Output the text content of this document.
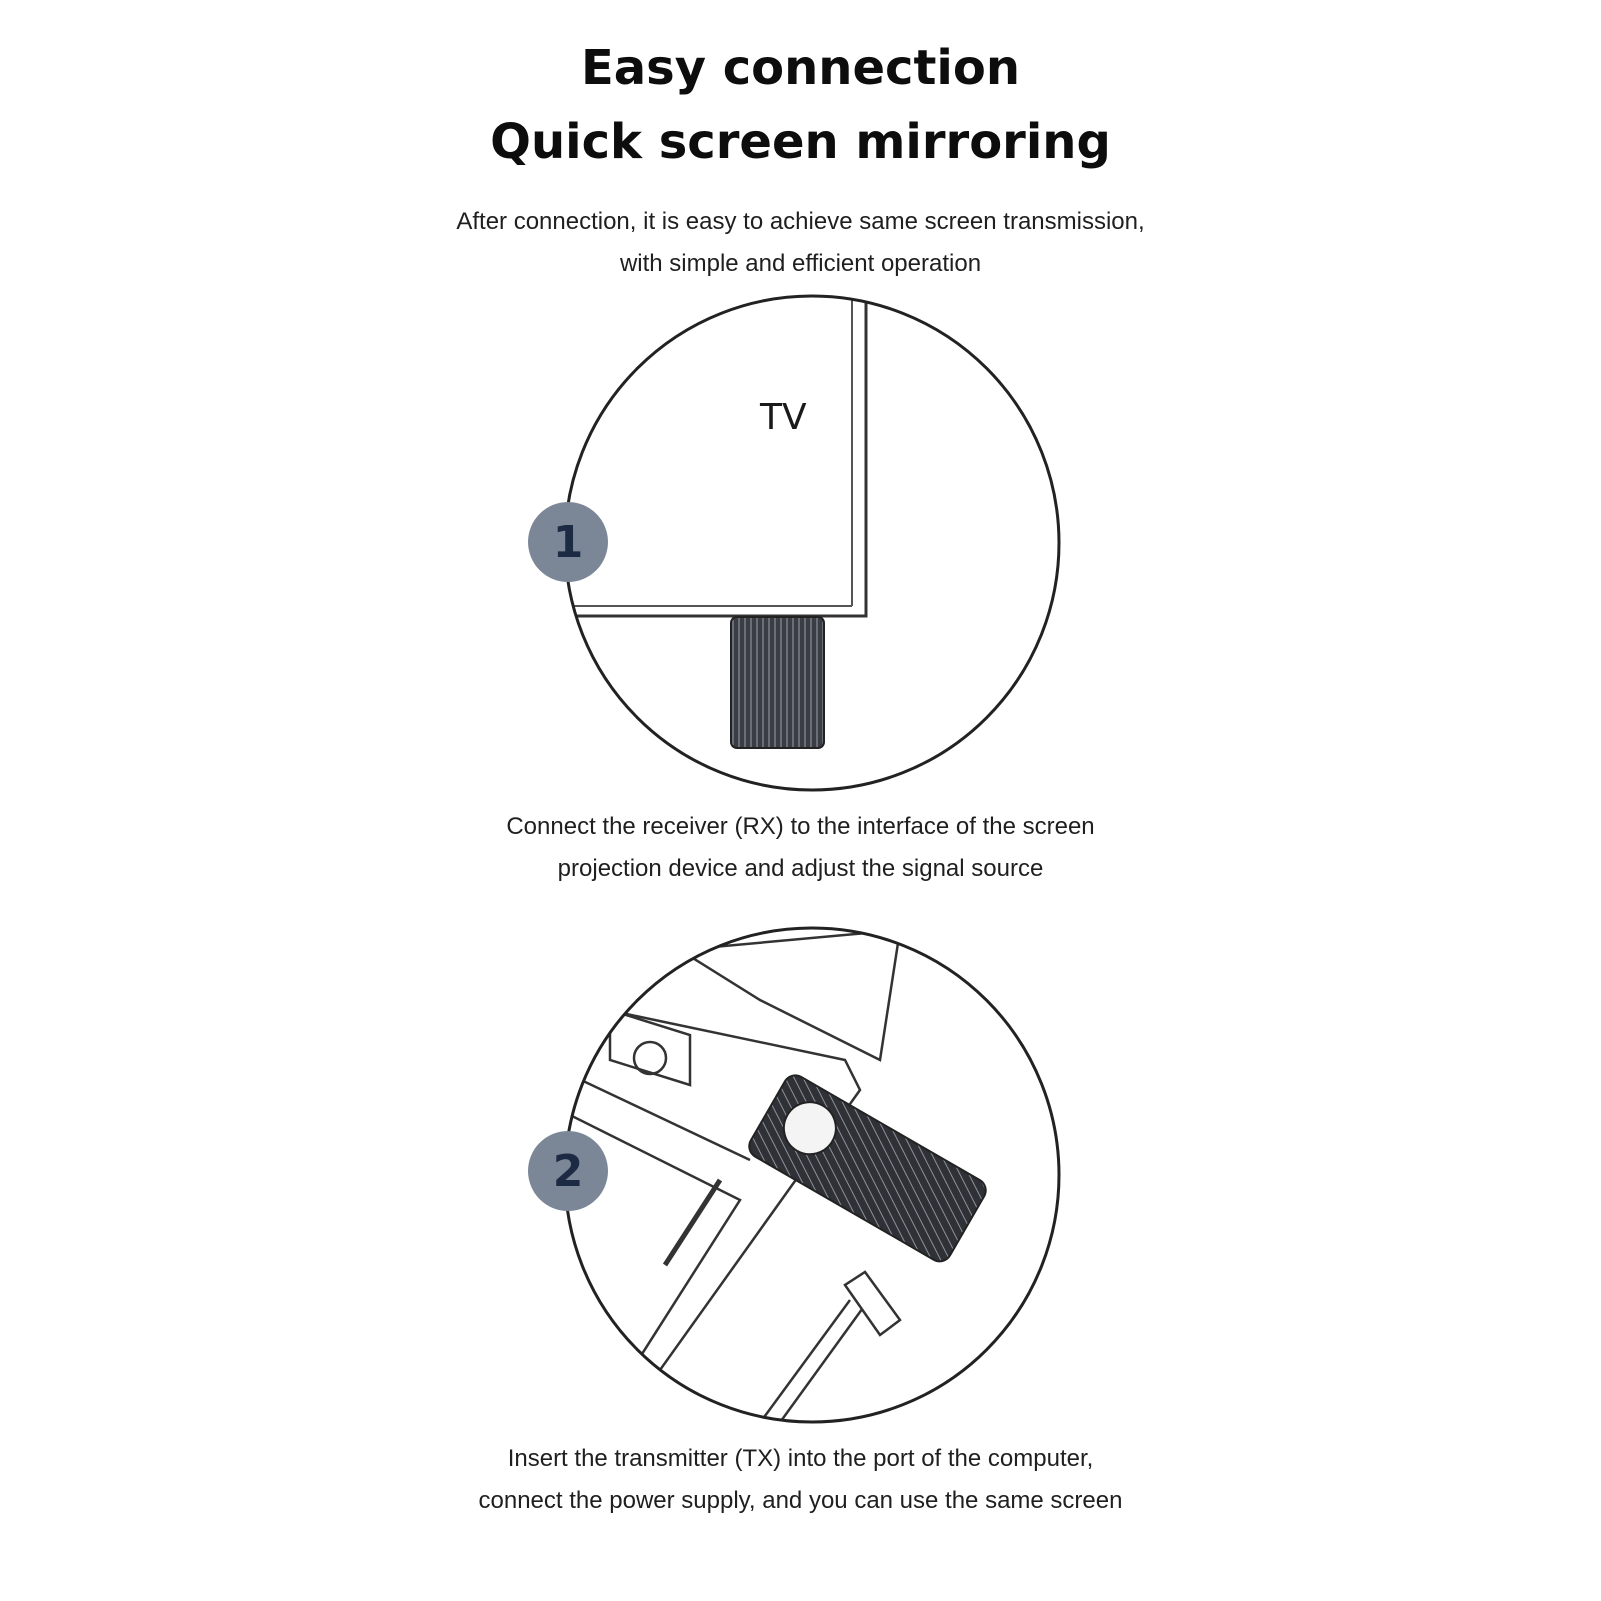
Easy connection
Quick screen mirroring
After connection, it is easy to achieve same screen transmission,
with simple and efficient operation
TV
1
2
Connect the receiver (RX) to the interface of the screen
projection device and adjust the signal source
Insert the transmitter (TX) into the port of the computer,
connect the power supply, and you can use the same screen
